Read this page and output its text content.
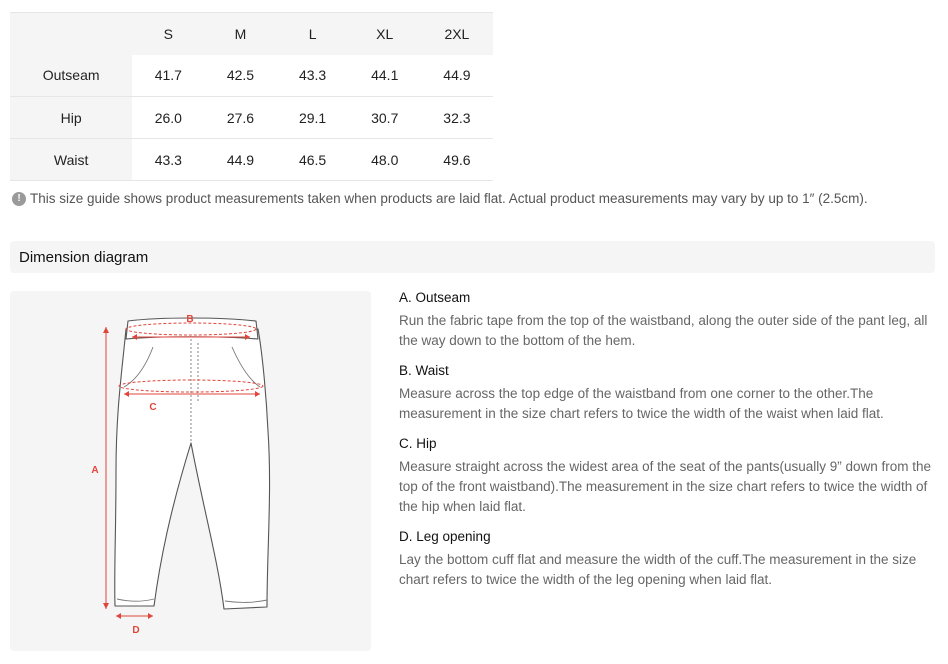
	S	M	L	XL	2XL
Outseam	41.7	42.5	43.3	44.1	44.9
Hip	26.0	27.6	29.1	30.7	32.3
Waist	43.3	44.9	46.5	48.0	49.6
! This size guide shows product measurements taken when products are laid flat. Actual product measurements may vary by up to 1″ (2.5cm).
Dimension diagram
B
C
A
D
A. Outseam
Run the fabric tape from the top of the waistband, along the outer side of the pant leg, all the way down to the bottom of the hem.
B. Waist
Measure across the top edge of the waistband from one corner to the other.The measurement in the size chart refers to twice the width of the waist when laid flat.
C. Hip
Measure straight across the widest area of the seat of the pants(usually 9” down from the top of the front waistband).The measurement in the size chart refers to twice the width of the hip when laid flat.
D. Leg opening
Lay the bottom cuff flat and measure the width of the cuff.The measurement in the size chart refers to twice the width of the leg opening when laid flat.
